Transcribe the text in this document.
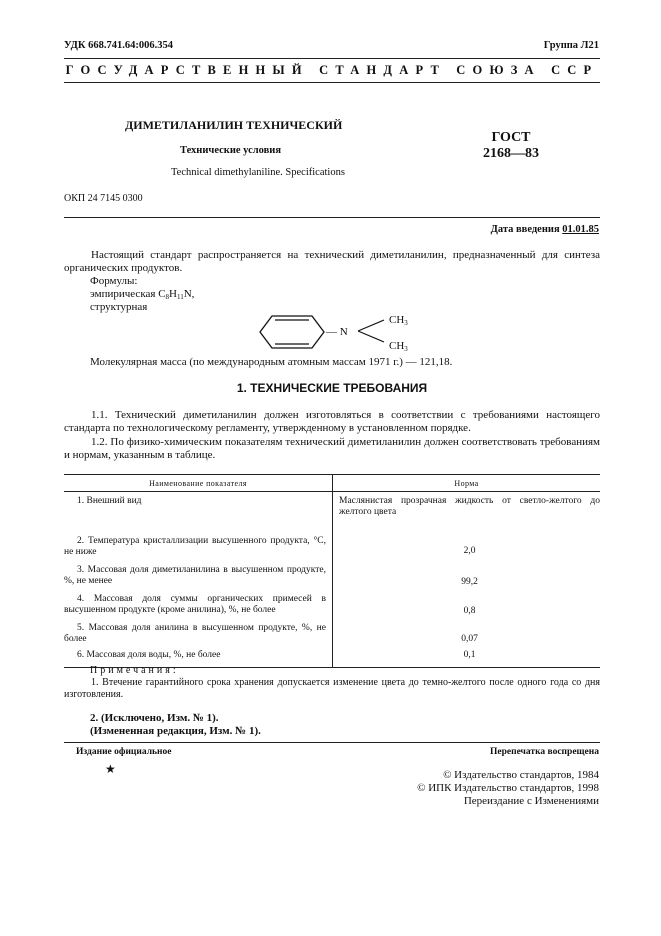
УДК 668.741.64:006.354	Группа Л21
ГОСУДАРСТВЕННЫЙ СТАНДАРТ СОЮЗА ССР
ДИМЕТИЛАНИЛИН ТЕХНИЧЕСКИЙ
Технические условия
Technical dimethylaniline. Specifications
ГОСТ
2168—83
ОКП 24 7145 0300
Дата введения 01.01.85
Настоящий стандарт распространяется на технический диметиланилин, предназначенный для синтеза органических продуктов.
Формулы:
эмпирическая $C_8H_{11}N$,
структурная
— N
$CH_3$
$CH_3$
Молекулярная масса (по международным атомным массам 1971 г.) — 121,18.
1. ТЕХНИЧЕСКИЕ ТРЕБОВАНИЯ
1.1. Технический диметиланилин должен изготовляться в соответствии с требованиями настоящего стандарта по технологическому регламенту, утвержденному в установленном порядке.
1.2. По физико-химическим показателям технический диметиланилин должен соответствовать требованиям и нормам, указанным в таблице.
Наименование показателя	Норма

1. Внешний вид	Маслянистая прозрачная жидкость от светло-желтого до желтого цвета
2. Температура кристаллизации высушенного продукта, °С, не ниже	2,0
3. Массовая доля диметиланилина в высушенном продукте, %, не менее	99,2
4. Массовая доля суммы органических примесей в высушенном продукте (кроме анилина), %, не более	0,8
5. Массовая доля анилина в высушенном продукте, %, не более	0,07
6. Массовая доля воды, %, не более	0,1
Примечания:
1. Втечение гарантийного срока хранения допускается изменение цвета до темно-желтого после одного года со дня изготовления.
2. (Исключено, Изм. № 1).
(Измененная редакция, Изм. № 1).
Издание официальное	Перепечатка воспрещена
★	© Издательство стандартов, 1984
© ИПК Издательство стандартов, 1998
Переиздание с Изменениями
